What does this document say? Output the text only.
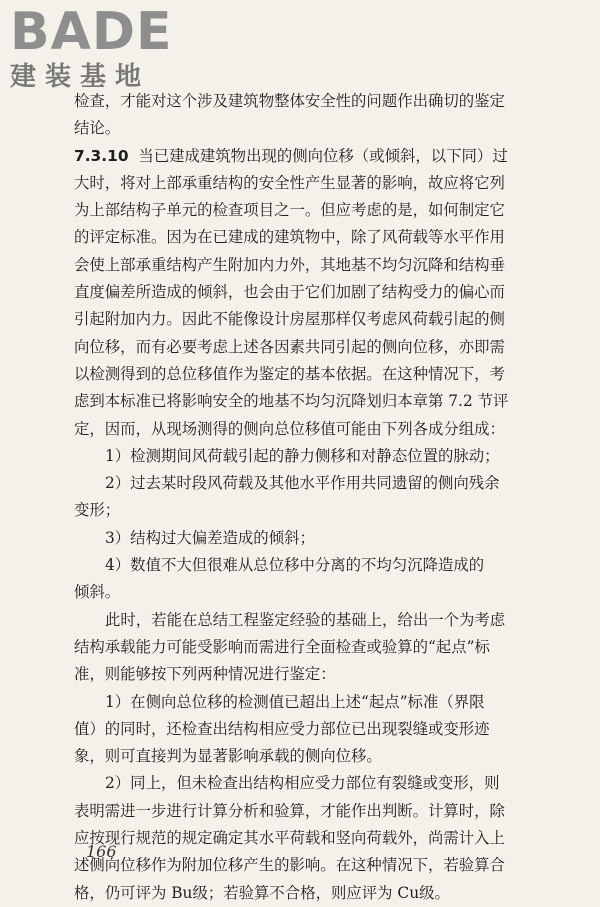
BADE
建装基地
检查，才能对这个涉及建筑物整体安全性的问题作出确切的鉴定
结论。
7.3.10 当已建成建筑物出现的侧向位移（或倾斜，以下同）过
大时，将对上部承重结构的安全性产生显著的影响，故应将它列
为上部结构子单元的检查项目之一。但应考虑的是，如何制定它
的评定标准。因为在已建成的建筑物中，除了风荷载等水平作用
会使上部承重结构产生附加内力外，其地基不均匀沉降和结构垂
直度偏差所造成的倾斜，也会由于它们加剧了结构受力的偏心而
引起附加内力。因此不能像设计房屋那样仅考虑风荷载引起的侧
向位移，而有必要考虑上述各因素共同引起的侧向位移，亦即需
以检测得到的总位移值作为鉴定的基本依据。在这种情况下，考
虑到本标准已将影响安全的地基不均匀沉降划归本章第 7.2 节评
定，因而，从现场测得的侧向总位移值可能由下列各成分组成：
1）检测期间风荷载引起的静力侧移和对静态位置的脉动；
2）过去某时段风荷载及其他水平作用共同遗留的侧向残余
变形；
3）结构过大偏差造成的倾斜；
4）数值不大但很难从总位移中分离的不均匀沉降造成的
倾斜。
此时，若能在总结工程鉴定经验的基础上，给出一个为考虑
结构承载能力可能受影响而需进行全面检查或验算的“起点”标
准，则能够按下列两种情况进行鉴定：
1）在侧向总位移的检测值已超出上述“起点”标准（界限
值）的同时，还检查出结构相应受力部位已出现裂缝或变形迹
象，则可直接判为显著影响承载的侧向位移。
2）同上，但未检查出结构相应受力部位有裂缝或变形，则
表明需进一步进行计算分析和验算，才能作出判断。计算时，除
应按现行规范的规定确定其水平荷载和竖向荷载外，尚需计入上
述侧向位移作为附加位移产生的影响。在这种情况下，若验算合
格，仍可评为 Bu级；若验算不合格，则应评为 Cu级。
166
